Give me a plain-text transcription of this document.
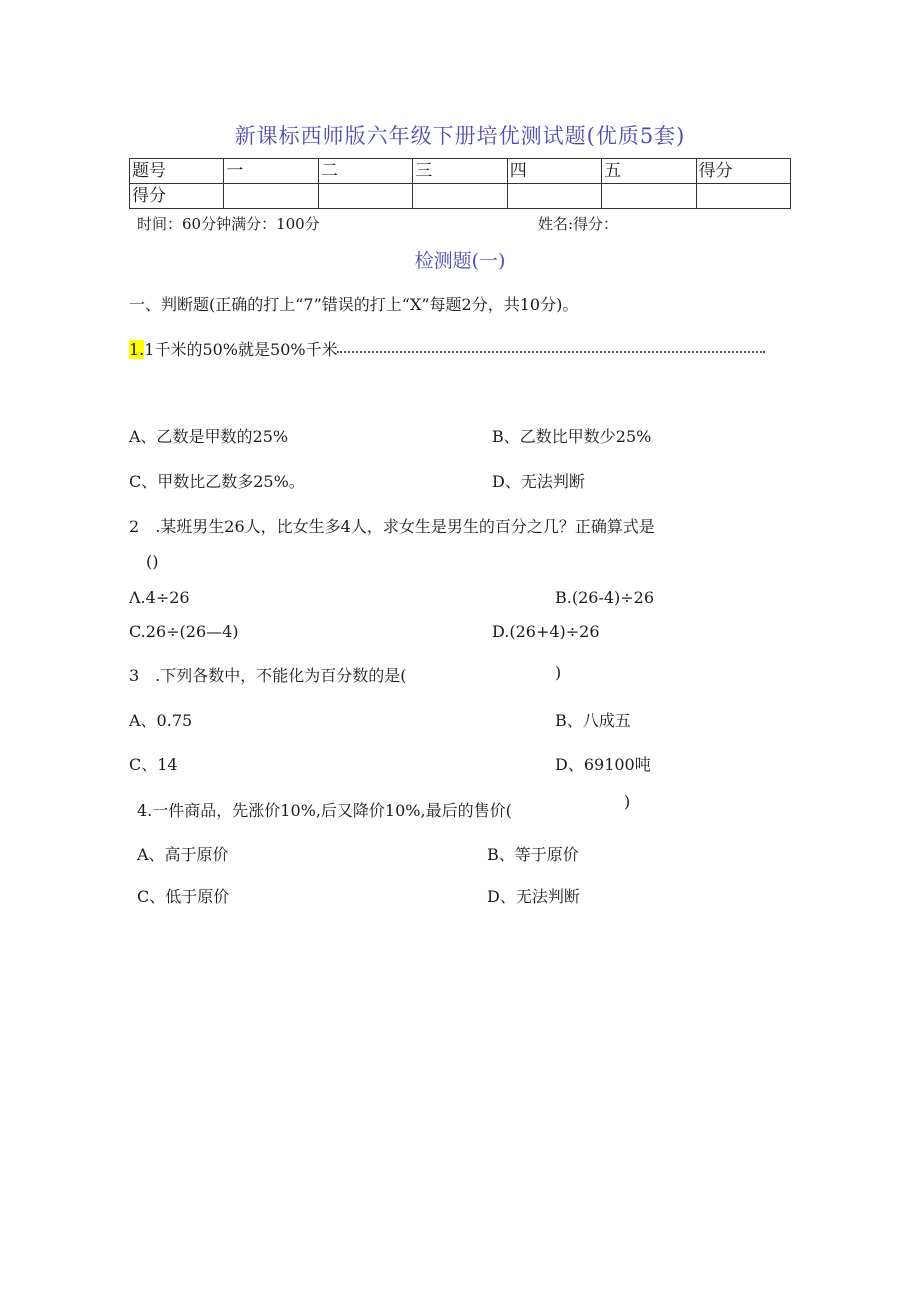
新课标西师版六年级下册培优测试题(优质5套)
题号	一	二	三	四	五	得分
得分						
时间：60分钟满分：100分	姓名:得分：
检测题(一)
一、判断题(正确的打上“7”错误的打上“X”每题2分，共10分)。
1.1千米的50%就是50%千米
A、乙数是甲数的25%	B、乙数比甲数少25%
C、甲数比乙数多25%。	D、无法判断
2 .某班男生26人，比女生多4人，求女生是男生的百分之几？正确算式是
()
Λ.4÷26	B.(26-4)÷26
C.26÷(26—4)	D.(26+4)÷26
3 .下列各数中，不能化为百分数的是(	)
A、0.75	B、八成五
C、14	D、69100吨
4.一件商品，先涨价10%,后又降价10%,最后的售价(	)
A、高于原价	B、等于原价
C、低于原价	D、无法判断
